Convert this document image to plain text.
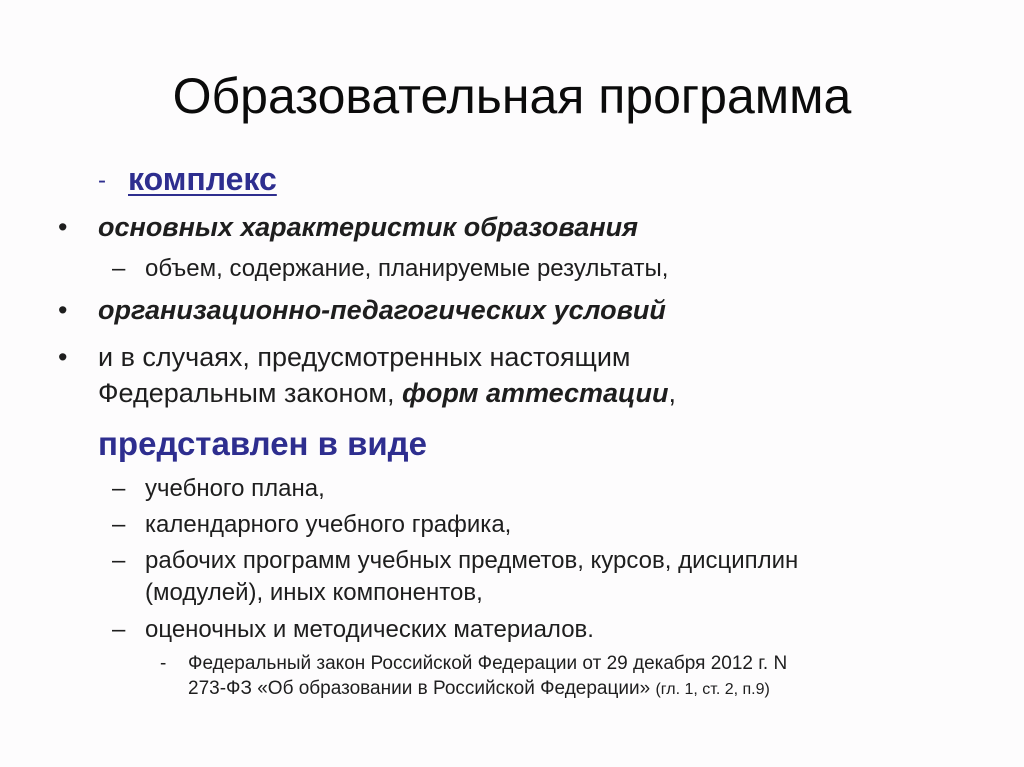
Образовательная программа
- комплекс
• основных характеристик образования
– объем, содержание, планируемые результаты,
• организационно-педагогических условий
• и в случаях, предусмотренных настоящим
Федеральным законом, форм аттестации,
представлен в виде
– учебного плана,
– календарного учебного графика,
– рабочих программ учебных предметов, курсов, дисциплин
(модулей), иных компонентов,
– оценочных и методических материалов.
- Федеральный закон Российской Федерации от 29 декабря 2012 г. N
273-ФЗ «Об образовании в Российской Федерации» (гл. 1, ст. 2, п.9)
